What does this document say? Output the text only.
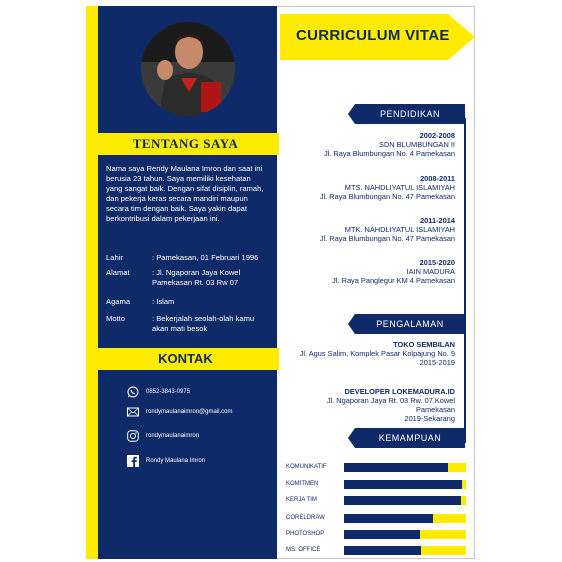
CURRICULUM VITAE
TENTANG SAYA
Nama saya Rendy Maulana Imron dan saat ini berusia 23 tahun. Saya memiliki kesehatan yang sangat baik. Dengan sifat disiplin, ramah, dan pekerja keras secara mandiri maupun secara tim dengan baik. Saya yakin dapat berkontribusi dalam pekerjaan ini.
Lahir	: Pamekasan, 01 Februari 1996
Alamat	: Jl. Ngaporan Jaya Kowel Pamekasan Rt. 03 Rw 07
Agama	: Islam
Motto	: Bekerjalah seolah-olah kamu akan mati besok
KONTAK
0852-3843-0975
rondymaulanaimron@gmail.com
rondymaulanaimron
Rondy Maulana Imron
PENDIDIKAN
2002-2008
SDN BLUMBUNGAN II
Jl. Raya Blumbungan No. 4 Pamekasan
2008-2011
MTS. NAHDLIYATUL ISLAMIYAH
Jl. Raya Blumbungan No. 47 Pamekasan
2011-2014
MTK. NAHDLIYATUL ISLAMIYAH
Jl. Raya Blumbungan No. 47 Pamekasan
2015-2020
IAIN MADURA
Jl. Raya Panglegur KM 4 Pamekasan
PENGALAMAN
TOKO SEMBILAN
Jl. Agus Salim, Komplek Pasar Kolpajung No. 9
2015-2019
DEVELOPER LOKEMADURA.ID
Jl. Ngaporan Jaya Rt. 03 Rw. 07 Kowel Pamekasan
2019-Sekarang
KEMAMPUAN
KOMUNIKATIF
KOMITMEN
KERJA TIM
CORELDRAW
PHOTOSHOP
MS. OFFICE
